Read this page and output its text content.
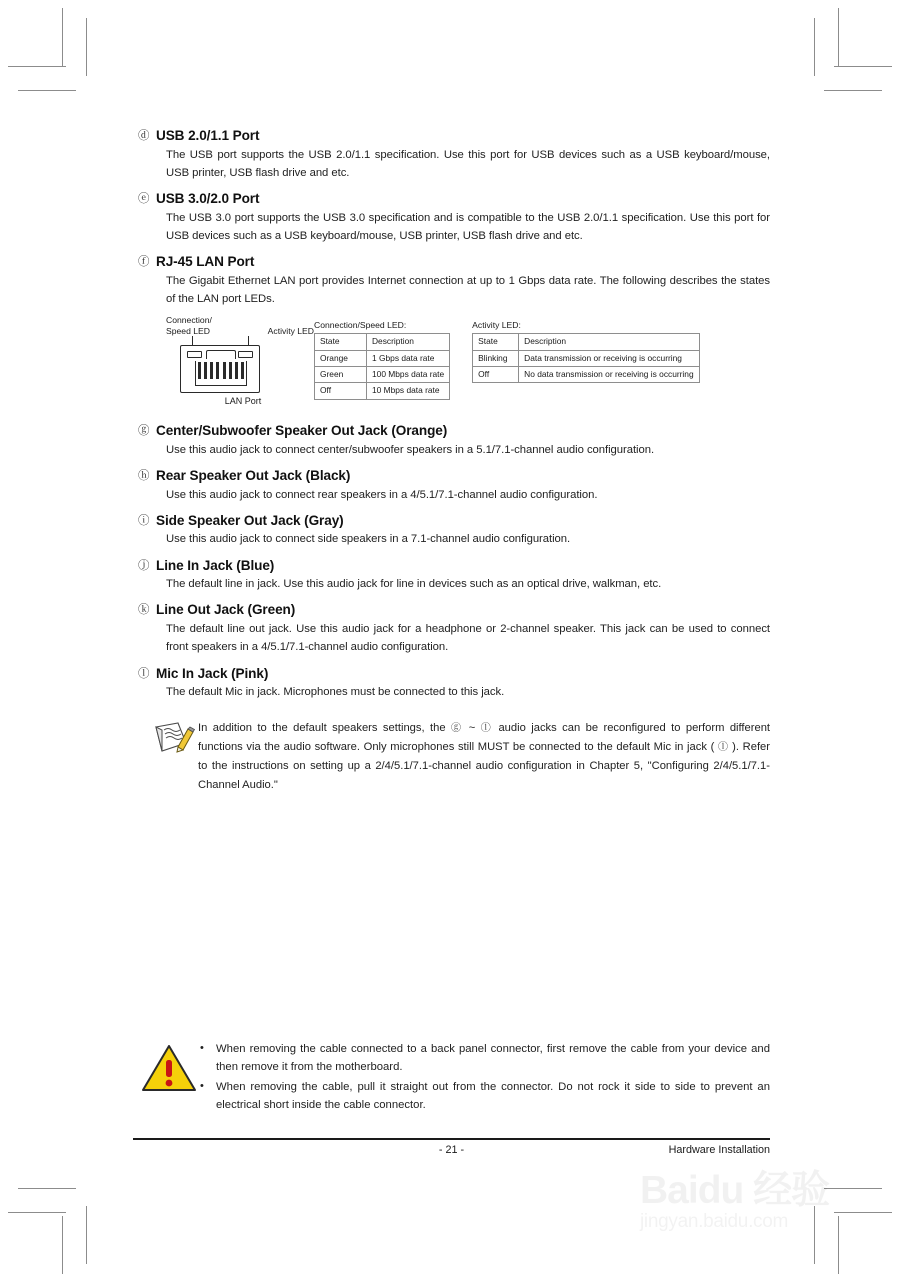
ⓓ USB 2.0/1.1 Port

The USB port supports the USB 2.0/1.1 specification. Use this port for USB devices such as a USB keyboard/mouse, USB printer, USB flash drive and etc.

ⓔ USB 3.0/2.0 Port

The USB 3.0 port supports the USB 3.0 specification and is compatible to the USB 2.0/1.1 specification. Use this port for USB devices such as a USB keyboard/mouse, USB printer, USB flash drive and etc.

ⓕ RJ-45 LAN Port

The Gigabit Ethernet LAN port provides Internet connection at up to 1 Gbps data rate. The following describes the states of the LAN port LEDs.

Connection/
Speed LED	Activity LED
LAN Port
Connection/Speed LED:
State	Description
Orange	1 Gbps data rate
Green	100 Mbps data rate
Off	10 Mbps data rate
Activity LED:
State	Description
Blinking	Data transmission or receiving is occurring
Off	No data transmission or receiving is occurring
ⓖ Center/Subwoofer Speaker Out Jack (Orange)

Use this audio jack to connect center/subwoofer speakers in a 5.1/7.1-channel audio configuration.

ⓗ Rear Speaker Out Jack (Black)

Use this audio jack to connect rear speakers in a 4/5.1/7.1-channel audio configuration.

ⓘ Side Speaker Out Jack (Gray)

Use this audio jack to connect side speakers in a 7.1-channel audio configuration.

ⓙ Line In Jack (Blue)

The default line in jack. Use this audio jack for line in devices such as an optical drive, walkman, etc.

ⓚ Line Out Jack (Green)

The default line out jack. Use this audio jack for a headphone or 2-channel speaker. This jack can be used to connect front speakers in a 4/5.1/7.1-channel audio configuration.

ⓛ Mic In Jack (Pink)

The default Mic in jack. Microphones must be connected to this jack.

In addition to the default speakers settings, the ⓖ ~ ⓛ audio jacks can be reconfigured to perform different functions via the audio software. Only microphones still MUST be connected to the default Mic in jack ( ⓛ ). Refer to the instructions on setting up a 2/4/5.1/7.1-channel audio configuration in Chapter 5, "Configuring 2/4/5.1/7.1-Channel Audio."
•	When removing the cable connected to a back panel connector, first remove the cable from your device and then remove it from the motherboard.
•	When removing the cable, pull it straight out from the connector. Do not rock it side to side to prevent an electrical short inside the cable connector.
- 21 -	Hardware Installation
Baidu 经验
jingyan.baidu.com
